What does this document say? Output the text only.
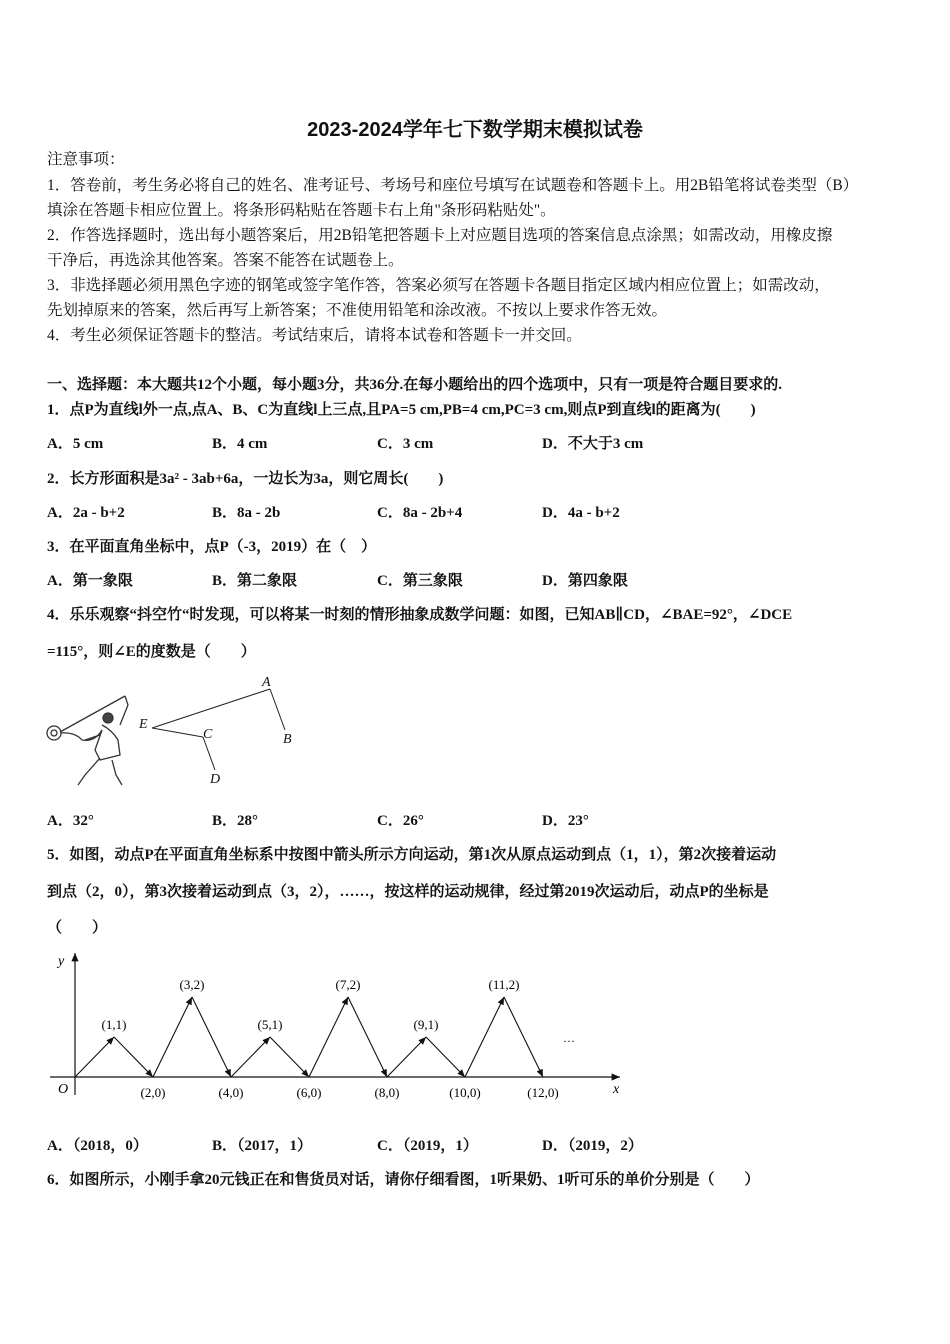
2023-2024学年七下数学期末模拟试卷
注意事项：
1．答卷前，考生务必将自己的姓名、准考证号、考场号和座位号填写在试题卷和答题卡上。用2B铅笔将试卷类型（B）
填涂在答题卡相应位置上。将条形码粘贴在答题卡右上角"条形码粘贴处"。
2．作答选择题时，选出每小题答案后，用2B铅笔把答题卡上对应题目选项的答案信息点涂黑；如需改动，用橡皮擦
干净后，再选涂其他答案。答案不能答在试题卷上。
3．非选择题必须用黑色字迹的钢笔或签字笔作答，答案必须写在答题卡各题目指定区域内相应位置上；如需改动，
先划掉原来的答案，然后再写上新答案；不准使用铅笔和涂改液。不按以上要求作答无效。
4．考生必须保证答题卡的整洁。考试结束后，请将本试卷和答题卡一并交回。
一、选择题：本大题共12个小题，每小题3分，共36分.在每小题给出的四个选项中，只有一项是符合题目要求的.
1．点P为直线l外一点,点A、B、C为直线l上三点,且PA=5 cm,PB=4 cm,PC=3 cm,则点P到直线l的距离为(　　)
A．5 cm	B．4 cm	C．3 cm	D．不大于3 cm
2．长方形面积是3a² - 3ab+6a，一边长为3a，则它周长(　　)
A．2a - b+2	B．8a - 2b	C．8a - 2b+4	D．4a - b+2
3．在平面直角坐标中，点P（-3，2019）在（　）
A．第一象限	B．第二象限	C．第三象限	D．第四象限
4．乐乐观察“抖空竹“时发现，可以将某一时刻的情形抽象成数学问题：如图，已知AB∥CD，∠BAE=92°，∠DCE
=115°，则∠E的度数是（　　）
A
B
C
D
E
A．32°	B．28°	C．26°	D．23°
5．如图，动点P在平面直角坐标系中按图中箭头所示方向运动，第1次从原点运动到点（1，1），第2次接着运动
到点（2，0），第3次接着运动到点（3，2），……，按这样的运动规律，经过第2019次运动后，动点P的坐标是
（　　）
x
y
O
···
(1,1)
(2,0)
(3,2)
(4,0)
(5,1)
(6,0)
(7,2)
(8,0)
(9,1)
(10,0)
(11,2)
(12,0)
A．（2018，0）	B．（2017，1）	C．（2019，1）	D．（2019，2）
6．如图所示，小刚手拿20元钱正在和售货员对话，请你仔细看图，1听果奶、1听可乐的单价分别是（　　）
